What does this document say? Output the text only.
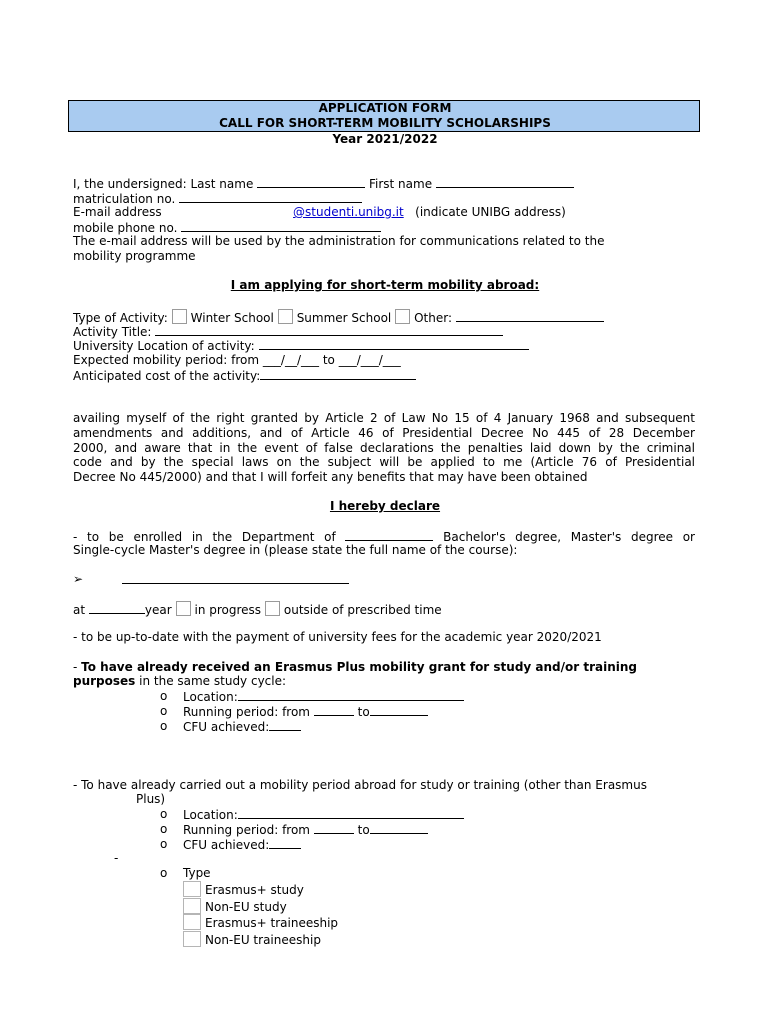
APPLICATION FORM
CALL FOR SHORT-TERM MOBILITY SCHOLARSHIPS
Year 2021/2022
I, the undersigned: Last name	First name
matriculation no.
E-mail address	@studenti.unibg.it (indicate UNIBG address)
mobile phone no.
The e-mail address will be used by the administration for communications related to the
mobility programme
I am applying for short-term mobility abroad:
Type of Activity: Winter School Summer School Other:
Activity Title:
University Location of activity:
Expected mobility period: from ___/__/___ to ___/___/___
Anticipated cost of the activity:
availing myself of the right granted by Article 2 of Law No 15 of 4 January 1968 and subsequent
amendments and additions, and of Article 46 of Presidential Decree No 445 of 28 December
2000, and aware that in the event of false declarations the penalties laid down by the criminal
code and by the special laws on the subject will be applied to me (Article 76 of Presidential
Decree No 445/2000) and that I will forfeit any benefits that may have been obtained
I hereby declare
- to be enrolled in the Department of	Bachelor's degree, Master's degree or
Single-cycle Master's degree in (please state the full name of the course):
➢
at	year in progress outside of prescribed time
- to be up-to-date with the payment of university fees for the academic year 2020/2021
- To have already received an Erasmus Plus mobility grant for study and/or training
purposes in the same study cycle:
o Location:
o Running period: from	to
o CFU achieved:
- To have already carried out a mobility period abroad for study or training (other than Erasmus
Plus)
o Location:
o Running period: from	to
o CFU achieved:
-
o Type
Erasmus+ study
Non-EU study
Erasmus+ traineeship
Non-EU traineeship
